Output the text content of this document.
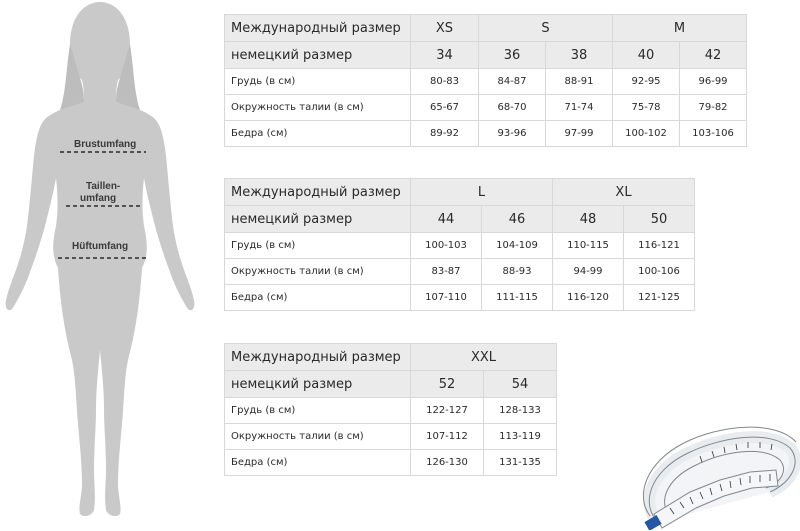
Brustumfang
Taillen-
umfang
Hüftumfang
Международный размер	XS	S		M	
немецкий размер	34	36	38	40	42
Грудь (в см)	80-83	84-87	88-91	92-95	96-99
Окружность талии (в см)	65-67	68-70	71-74	75-78	79-82
Бедра (см)	89-92	93-96	97-99	100-102	103-106
Международный размер	L		XL	
немецкий размер	44	46	48	50
Грудь (в см)	100-103	104-109	110-115	116-121
Окружность талии (в см)	83-87	88-93	94-99	100-106
Бедра (см)	107-110	111-115	116-120	121-125
Международный размер	XXL	
немецкий размер	52	54
Грудь (в см)	122-127	128-133
Окружность талии (в см)	107-112	113-119
Бедра (см)	126-130	131-135
